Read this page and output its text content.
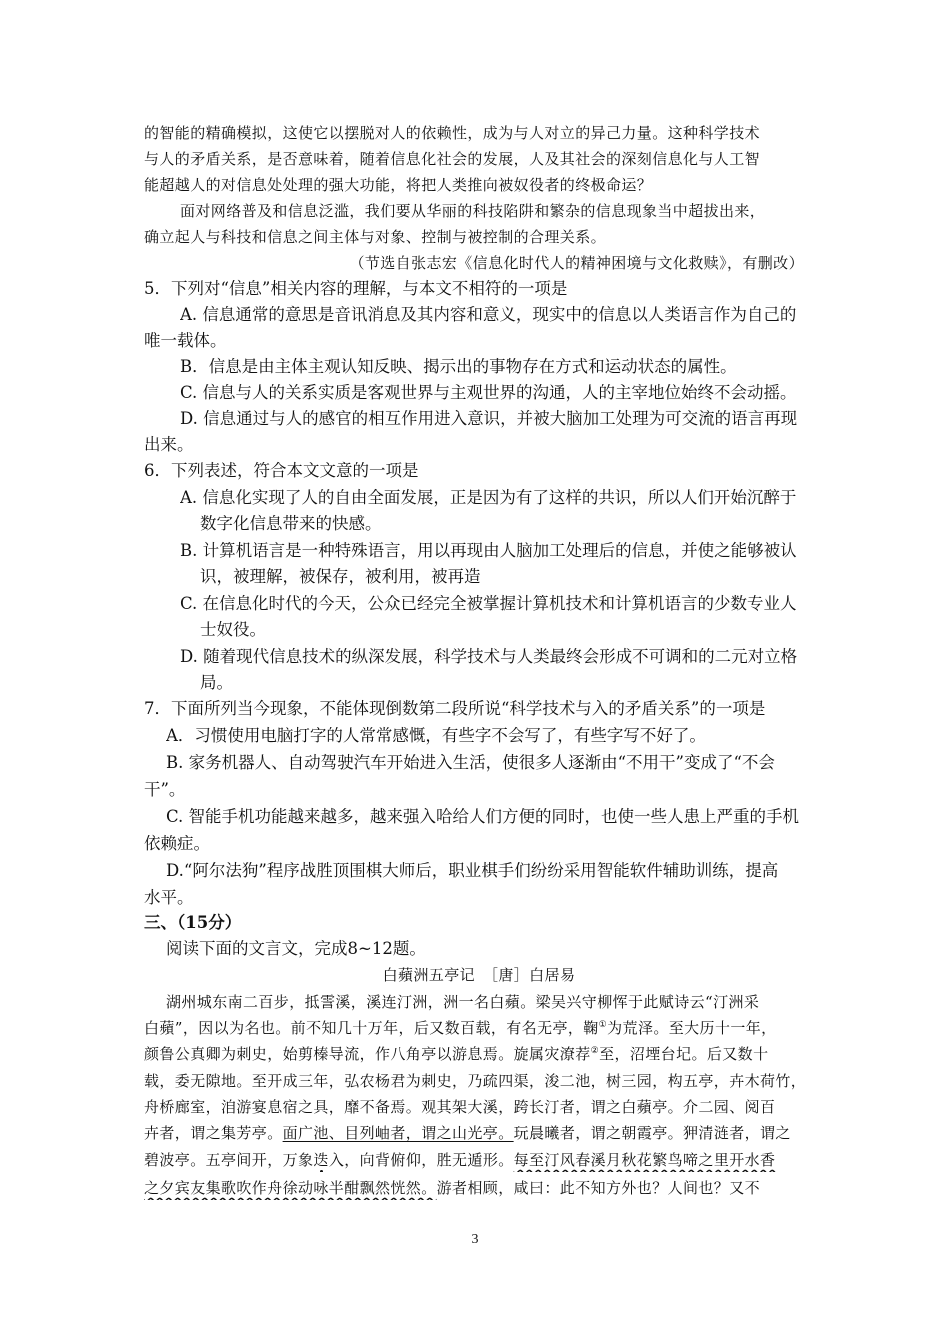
的智能的精确模拟，这使它以摆脱对人的依赖性，成为与人对立的异己力量。这种科学技术
与人的矛盾关系，是否意味着，随着信息化社会的发展，人及其社会的深刻信息化与人工智
能超越人的对信息处处理的强大功能，将把人类推向被奴役者的终极命运？
面对网络普及和信息泛滥，我们要从华丽的科技陷阱和繁杂的信息现象当中超拔出来，
确立起人与科技和信息之间主体与对象、控制与被控制的合理关系。
（节选自张志宏《信息化时代人的精神困境与文化救赎》，有删改）
5．下列对“信息”相关内容的理解，与本文不相符的一项是
A. 信息通常的意思是音讯消息及其内容和意义，现实中的信息以人类语言作为自己的
唯一载体。
B．信息是由主体主观认知反映、揭示出的事物存在方式和运动状态的属性。
C. 信息与人的关系实质是客观世界与主观世界的沟通，人的主宰地位始终不会动摇。
D. 信息通过与人的感官的相互作用进入意识，并被大脑加工处理为可交流的语言再现
出来。
6．下列表述，符合本文文意的一项是
A. 信息化实现了人的自由全面发展，正是因为有了这样的共识，所以人们开始沉醉于
数字化信息带来的快感。
B. 计算机语言是一种特殊语言，用以再现由人脑加工处理后的信息，并使之能够被认
识，被理解，被保存，被利用，被再造
C. 在信息化时代的今天，公众已经完全被掌握计算机技术和计算机语言的少数专业人
士奴役。
D. 随着现代信息技术的纵深发展，科学技术与人类最终会形成不可调和的二元对立格
局。
7．下面所列当今现象，不能体现倒数第二段所说“科学技术与入的矛盾关系”的一项是
A．习惯使用电脑打字的人常常感慨，有些字不会写了，有些字写不好了。
B. 家务机器人、自动驾驶汽车开始进入生活，使很多人逐渐由“不用干”变成了“不会
干”。
C. 智能手机功能越来越多，越来强入哈给人们方便的同时，也使一些人患上严重的手机
依赖症。
D.“阿尔法狗”程序战胜顶围棋大师后，职业棋手们纷纷采用智能软件辅助训练，提高
水平。
三、（15分）
阅读下面的文言文，完成8~12题。
白蘋洲五亭记　［唐］白居易
湖州城东南二百步，抵霅溪，溪连汀洲，洲一名白蘋。梁吴兴守柳恽于此赋诗云“汀洲采
白蘋”，因以为名也。前不知几十万年，后又数百载，有名无亭，鞠①为荒泽。至大历十一年，
颜鲁公真卿为刺史，始剪榛导流，作八角亭以游息焉。旋属灾潦荐②至，沼堙台圮。后又数十
载，委无隙地。至开成三年，弘农杨君为刺史，乃疏四渠，浚二池，树三园，构五亭，卉木荷竹，
舟桥廊室，洎游宴息宿之具，靡不备焉。观其架大溪，跨长汀者，谓之白蘋亭。介二园、阅百
卉者，谓之集芳亭。面广池、目列岫者，谓之山光亭。玩晨曦者，谓之朝霞亭。狎清涟者，谓之
碧波亭。五亭间开，万象迭入，向背俯仰，胜无遁形。每至汀风春溪月秋花繁鸟啼之里开水香
之夕宾友集歌吹作舟徐动咏半酣飘然恍然。游者相顾，咸曰：此不知方外也？人间也？又不
3
